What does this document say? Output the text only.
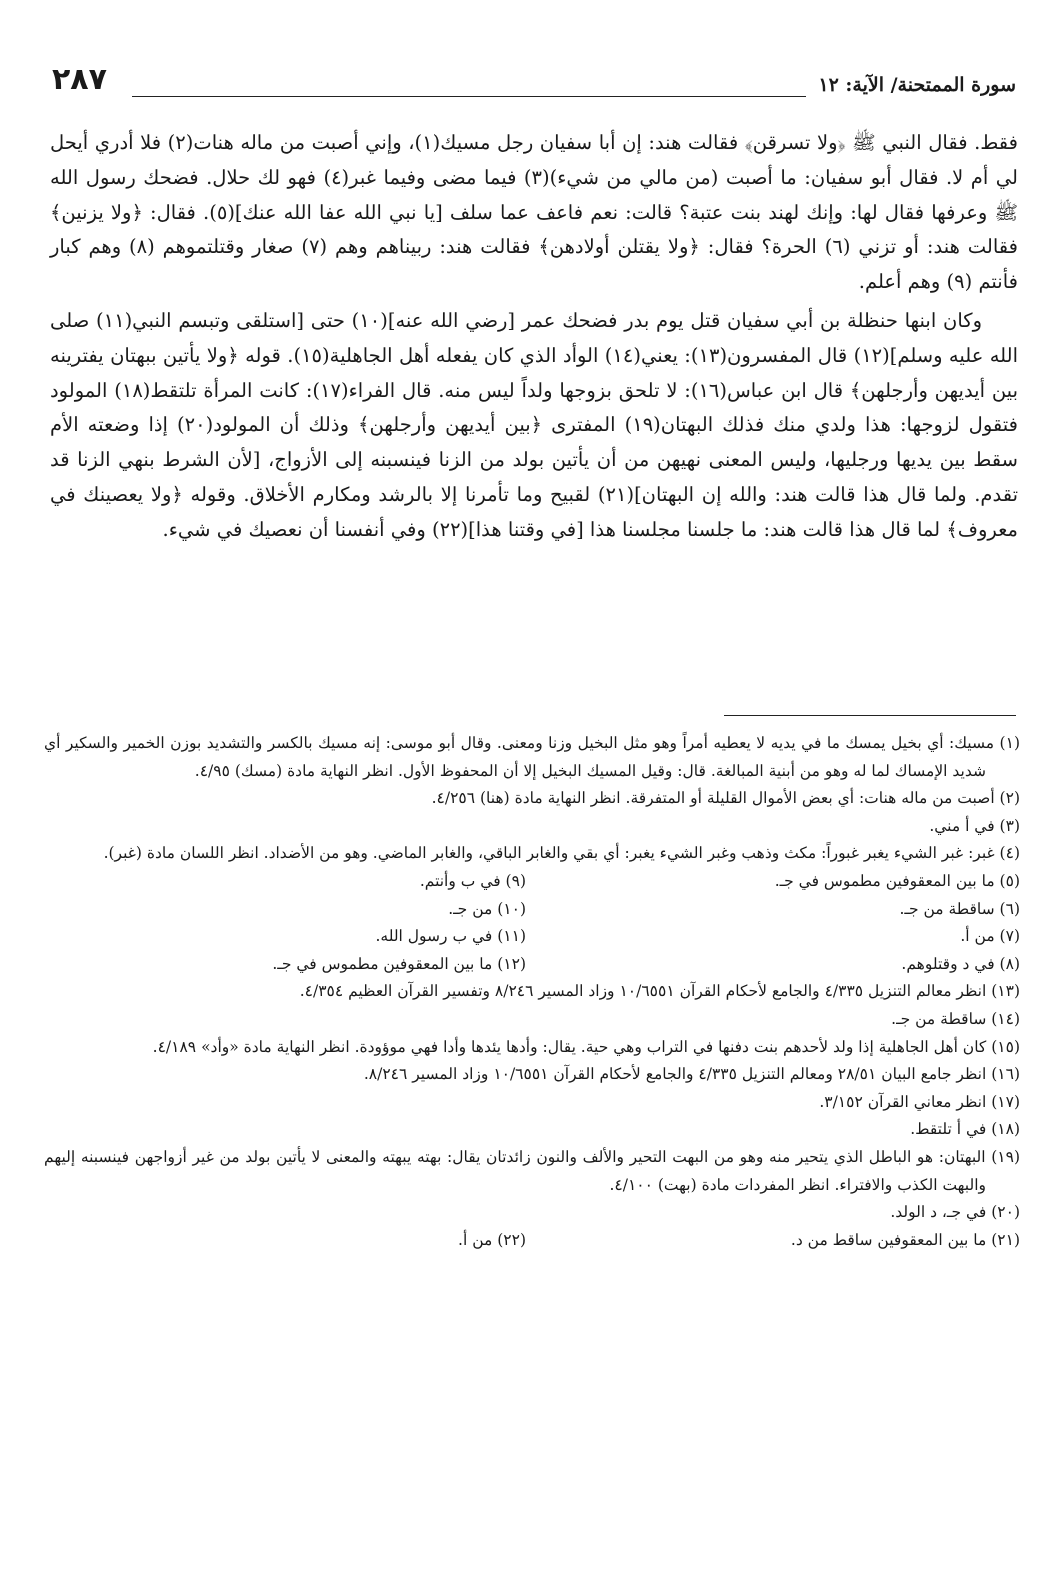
سورة الممتحنة/ الآية: ١٢
٢٨٧

فقط. فقال النبي ﷺ ﴿ولا تسرقن﴾ فقالت هند: إن أبا سفيان رجل مسيك(١)، وإني أصبت من ماله هنات(٢) فلا أدري أيحل لي أم لا. فقال أبو سفيان: ما أصبت (من مالي من شيء)(٣) فيما مضى وفيما غبر(٤) فهو لك حلال. فضحك رسول الله ﷺ وعرفها فقال لها: وإنك لهند بنت عتبة؟ قالت: نعم فاعف عما سلف [يا نبي الله عفا الله عنك](٥). فقال: ﴿ولا يزنين﴾ فقالت هند: أو تزني (٦) الحرة؟ فقال: ﴿ولا يقتلن أولادهن﴾ فقالت هند: ربيناهم وهم (٧) صغار وقتلتموهم (٨) وهم كبار فأنتم (٩) وهم أعلم.

وكان ابنها حنظلة بن أبي سفيان قتل يوم بدر فضحك عمر [رضي الله عنه](١٠) حتى [استلقى وتبسم النبي(١١) صلى الله عليه وسلم](١٢) قال المفسرون(١٣): يعني(١٤) الوأد الذي كان يفعله أهل الجاهلية(١٥). قوله ﴿ولا يأتين ببهتان يفترينه بين أيديهن وأرجلهن﴾ قال ابن عباس(١٦): لا تلحق بزوجها ولداً ليس منه. قال الفراء(١٧): كانت المرأة تلتقط(١٨) المولود فتقول لزوجها: هذا ولدي منك فذلك البهتان(١٩) المفترى ﴿بين أيديهن وأرجلهن﴾ وذلك أن المولود(٢٠) إذا وضعته الأم سقط بين يديها ورجليها، وليس المعنى نهيهن من أن يأتين بولد من الزنا فينسبنه إلى الأزواج، [لأن الشرط بنهي الزنا قد تقدم. ولما قال هذا قالت هند: والله إن البهتان](٢١) لقبيح وما تأمرنا إلا بالرشد ومكارم الأخلاق. وقوله ﴿ولا يعصينك في معروف﴾ لما قال هذا قالت هند: ما جلسنا مجلسنا هذا [في وقتنا هذا](٢٢) وفي أنفسنا أن نعصيك في شيء.

(١) مسيك: أي بخيل يمسك ما في يديه لا يعطيه أمراً وهو مثل البخيل وزنا ومعنى. وقال أبو موسى: إنه مسيك بالكسر والتشديد بوزن الخمير والسكير أي شديد الإمساك لما له وهو من أبنية المبالغة. قال: وقيل المسيك البخيل إلا أن المحفوظ الأول. انظر النهاية مادة (مسك) ٤/٩٥.

(٢) أصبت من ماله هنات: أي بعض الأموال القليلة أو المتفرقة. انظر النهاية مادة (هنا) ٤/٢٥٦.

(٣) في أ مني.

(٤) غبر: غبر الشيء يغبر غبوراً: مكث وذهب وغبر الشيء يغبر: أي بقي والغابر الباقي، والغابر الماضي. وهو من الأضداد. انظر اللسان مادة (غبر).

(٥) ما بين المعقوفين مطموس في جـ.

(٦) ساقطة من جـ.

(٧) من أ.

(٨) في د وقتلوهم.

(٩) في ب وأنتم.

(١٠) من جـ.

(١١) في ب رسول الله.

(١٢) ما بين المعقوفين مطموس في جـ.

(١٣) انظر معالم التنزيل ٤/٣٣٥ والجامع لأحكام القرآن ١٠/٦٥٥١ وزاد المسير ٨/٢٤٦ وتفسير القرآن العظيم ٤/٣٥٤.

(١٤) ساقطة من جـ.

(١٥) كان أهل الجاهلية إذا ولد لأحدهم بنت دفنها في التراب وهي حية. يقال: وأدها يئدها وأدا فهي موؤودة. انظر النهاية مادة «وأد» ٤/١٨٩.

(١٦) انظر جامع البيان ٢٨/٥١ ومعالم التنزيل ٤/٣٣٥ والجامع لأحكام القرآن ١٠/٦٥٥١ وزاد المسير ٨/٢٤٦.

(١٧) انظر معاني القرآن ٣/١٥٢.

(١٨) في أ تلتقط.

(١٩) البهتان: هو الباطل الذي يتحير منه وهو من البهت التحير والألف والنون زائدتان يقال: بهته يبهته والمعنى لا يأتين بولد من غير أزواجهن فينسبنه إليهم والبهت الكذب والافتراء. انظر المفردات مادة (بهت) ٤/١٠٠.

(٢٠) في جـ، د الولد.

(٢١) ما بين المعقوفين ساقط من د.

(٢٢) من أ.
